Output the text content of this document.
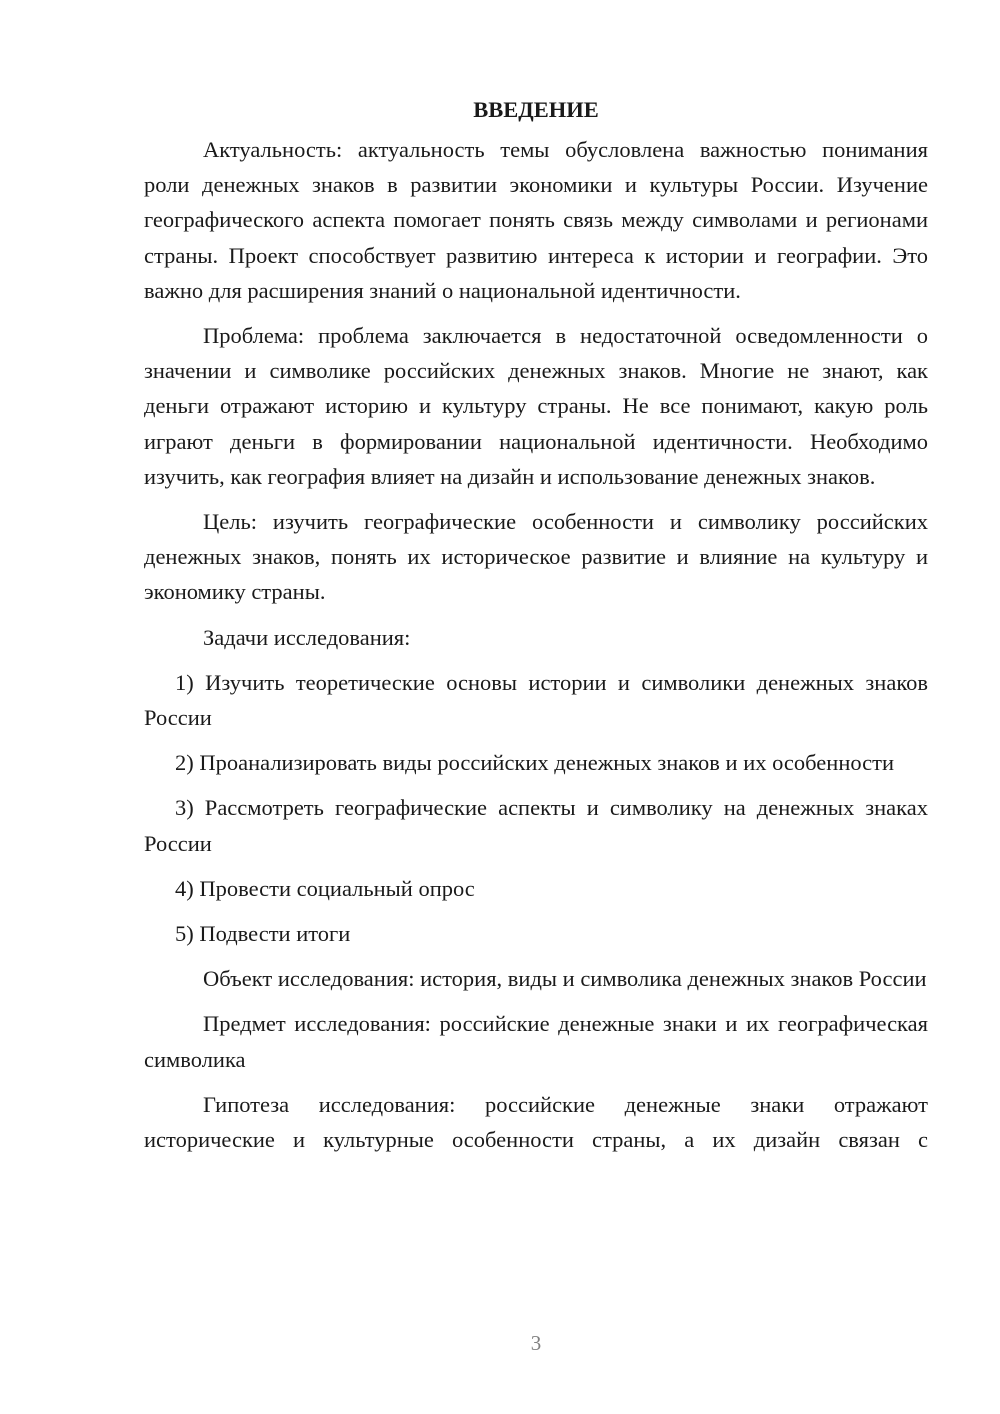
ВВЕДЕНИЕ

Актуальность: актуальность темы обусловлена важностью понимания роли денежных знаков в развитии экономики и культуры России. Изучение географического аспекта помогает понять связь между символами и регионами страны. Проект способствует развитию интереса к истории и географии. Это важно для расширения знаний о национальной идентичности.

Проблема: проблема заключается в недостаточной осведомленности о значении и символике российских денежных знаков. Многие не знают, как деньги отражают историю и культуру страны. Не все понимают, какую роль играют деньги в формировании национальной идентичности. Необходимо изучить, как география влияет на дизайн и использование денежных знаков.

Цель: изучить географические особенности и символику российских денежных знаков, понять их историческое развитие и влияние на культуру и экономику страны.

Задачи исследования:

1) Изучить теоретические основы истории и символики денежных знаков России

2) Проанализировать виды российских денежных знаков и их особенности

3) Рассмотреть географические аспекты и символику на денежных знаках России

4) Провести социальный опрос

5) Подвести итоги

Объект исследования: история, виды и символика денежных знаков России

Предмет исследования: российские денежные знаки и их географическая символика

Гипотеза исследования: российские денежные знаки отражают исторические и культурные особенности страны, а их дизайн связан с

3
